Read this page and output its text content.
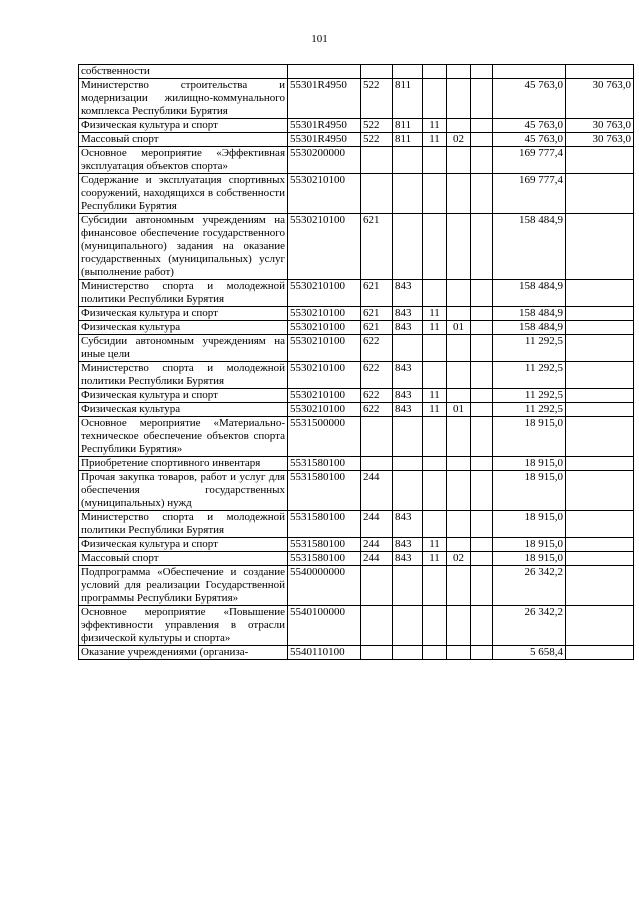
101
собственности								
Министерство строительства и модернизации жилищно-коммунального комплекса Республики Бурятия	55301R4950	522	811				45 763,0	30 763,0
Физическая культура и спорт	55301R4950	522	811	11			45 763,0	30 763,0
Массовый спорт	55301R4950	522	811	11	02		45 763,0	30 763,0
Основное мероприятие «Эффективная эксплуатация объектов спорта»	5530200000						169 777,4	
Содержание и эксплуатация спортивных сооружений, находящихся в собственности Республики Бурятия	5530210100						169 777,4	
Субсидии автономным учреждениям на финансовое обеспечение государственного (муниципального) задания на оказание государственных (муниципальных) услуг (выполнение работ)	5530210100	621					158 484,9	
Министерство спорта и молодежной политики Республики Бурятия	5530210100	621	843				158 484,9	
Физическая культура и спорт	5530210100	621	843	11			158 484,9	
Физическая культура	5530210100	621	843	11	01		158 484,9	
Субсидии автономным учреждениям на иные цели	5530210100	622					11 292,5	
Министерство спорта и молодежной политики Республики Бурятия	5530210100	622	843				11 292,5	
Физическая культура и спорт	5530210100	622	843	11			11 292,5	
Физическая культура	5530210100	622	843	11	01		11 292,5	
Основное мероприятие «Материально-техническое обеспечение объектов спорта Республики Бурятия»	5531500000						18 915,0	
Приобретение спортивного инвентаря	5531580100						18 915,0	
Прочая закупка товаров, работ и услуг для обеспечения государственных (муниципальных) нужд	5531580100	244					18 915,0	
Министерство спорта и молодежной политики Республики Бурятия	5531580100	244	843				18 915,0	
Физическая культура и спорт	5531580100	244	843	11			18 915,0	
Массовый спорт	5531580100	244	843	11	02		18 915,0	
Подпрограмма «Обеспечение и создание условий для реализации Государственной программы Республики Бурятия»	5540000000						26 342,2	
Основное мероприятие «Повышение эффективности управления в отрасли физической культуры и спорта»	5540100000						26 342,2	
Оказание учреждениями (организа-	5540110100						5 658,4	
